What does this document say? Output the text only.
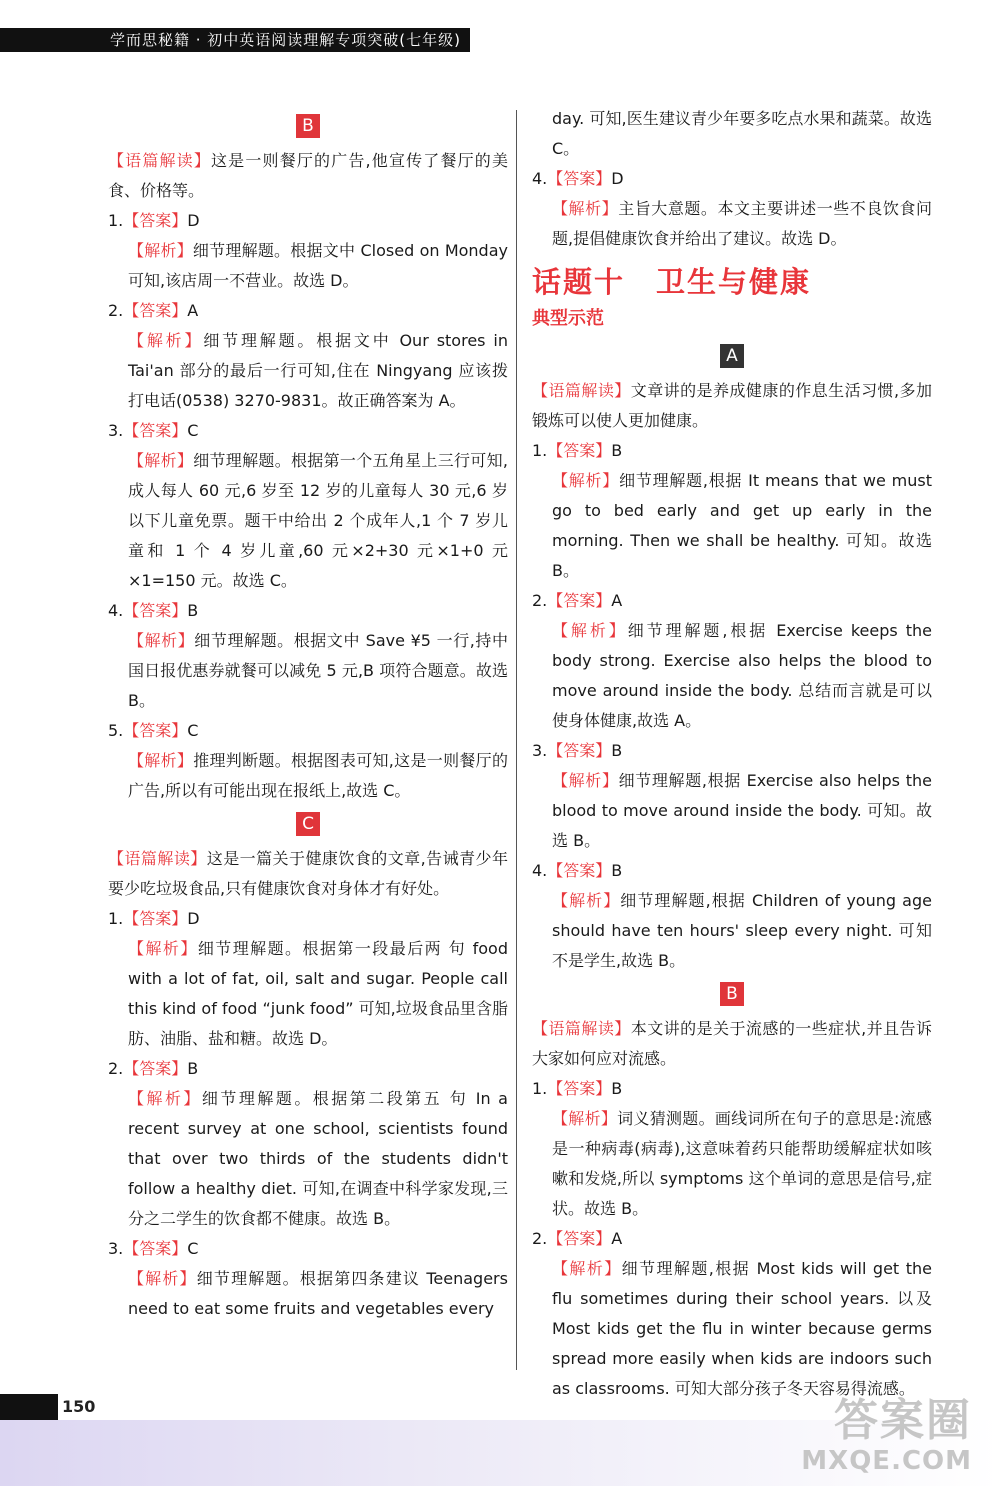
学而思秘籍 · 初中英语阅读理解专项突破(七年级)
B

【语篇解读】这是一则餐厅的广告,他宣传了餐厅的美食、价格等。

1.【答案】D

【解析】细节理解题。根据文中 Closed on Monday 可知,该店周一不营业。故选 D。

2.【答案】A

【解析】细节理解题。根据文中 Our stores in Tai'an 部分的最后一行可知,住在 Ningyang 应该拨打电话(0538) 3270-9831。故正确答案为 A。

3.【答案】C

【解析】细节理解题。根据第一个五角星上三行可知,成人每人 60 元,6 岁至 12 岁的儿童每人 30 元,6 岁以下儿童免票。题干中给出 2 个成年人,1 个 7 岁儿童和 1 个 4 岁儿童,60 元×2+30 元×1+0 元×1=150 元。故选 C。

4.【答案】B

【解析】细节理解题。根据文中 Save ¥5 一行,持中国日报优惠券就餐可以减免 5 元,B 项符合题意。故选 B。

5.【答案】C

【解析】推理判断题。根据图表可知,这是一则餐厅的广告,所以有可能出现在报纸上,故选 C。

C

【语篇解读】这是一篇关于健康饮食的文章,告诫青少年要少吃垃圾食品,只有健康饮食对身体才有好处。

1.【答案】D

【解析】细节理解题。根据第一段最后两 句 food with a lot of fat, oil, salt and sugar. People call this kind of food “junk food” 可知,垃圾食品里含脂肪、油脂、盐和糖。故选 D。

2.【答案】B

【解析】细节理解题。根据第二段第五 句 In a recent survey at one school, scientists found that over two thirds of the students didn't follow a healthy diet. 可知,在调查中科学家发现,三分之二学生的饮食都不健康。故选 B。

3.【答案】C

【解析】细节理解题。根据第四条建议 Teenagers need to eat some fruits and vegetables every

day. 可知,医生建议青少年要多吃点水果和蔬菜。故选 C。

4.【答案】D

【解析】主旨大意题。本文主要讲述一些不良饮食问题,提倡健康饮食并给出了建议。故选 D。

话题十　卫生与健康

典型示范

A

【语篇解读】文章讲的是养成健康的作息生活习惯,多加锻炼可以使人更加健康。

1.【答案】B

【解析】细节理解题,根据 It means that we must go to bed early and get up early in the morning. Then we shall be healthy. 可知。故选 B。

2.【答案】A

【解析】细节理解题,根据 Exercise keeps the body strong. Exercise also helps the blood to move around inside the body. 总结而言就是可以使身体健康,故选 A。

3.【答案】B

【解析】细节理解题,根据 Exercise also helps the blood to move around inside the body. 可知。故选 B。

4.【答案】B

【解析】细节理解题,根据 Children of young age should have ten hours' sleep every night. 可知不是学生,故选 B。

B

【语篇解读】本文讲的是关于流感的一些症状,并且告诉大家如何应对流感。

1.【答案】B

【解析】词义猜测题。画线词所在句子的意思是:流感是一种病毒(病毒),这意味着药只能帮助缓解症状如咳嗽和发烧,所以 symptoms 这个单词的意思是信号,症状。故选 B。

2.【答案】A

【解析】细节理解题,根据 Most kids will get the flu sometimes during their school years. 以及 Most kids get the flu in winter because germs spread more easily when kids are indoors such as classrooms. 可知大部分孩子冬天容易得流感。

150	答案圈
MXQE.COM
